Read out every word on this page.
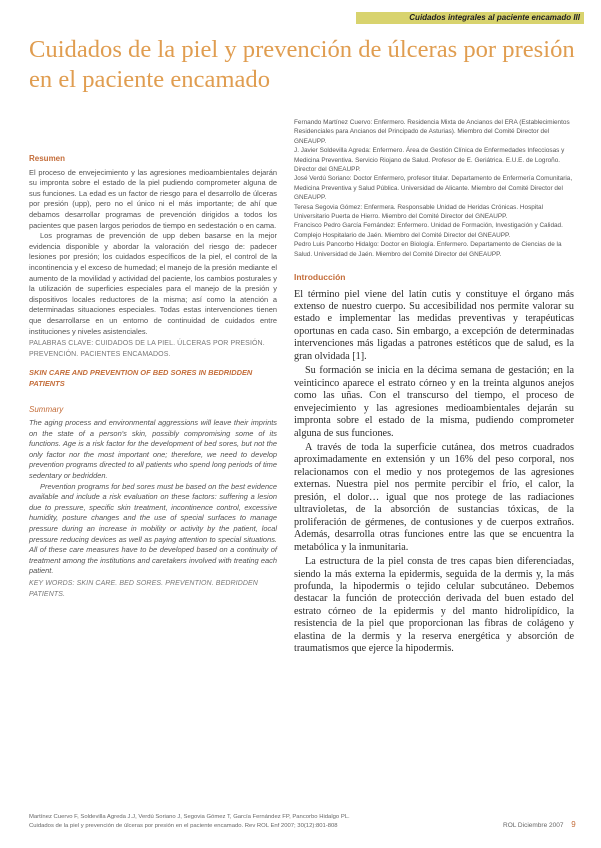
Cuidados integrales al paciente encamado III
Cuidados de la piel y prevención de úlceras por presión en el paciente encamado
Resumen

El proceso de envejecimiento y las agresiones medioambientales dejarán su impronta sobre el estado de la piel pudiendo comprometer alguna de sus funciones. La edad es un factor de riesgo para el desarrollo de úlceras por presión (upp), pero no el único ni el más importante; de ahí que debamos desarrollar programas de prevención dirigidos a todos los pacientes que pasen largos periodos de tiempo en sedestación o en cama.

Los programas de prevención de upp deben basarse en la mejor evidencia disponible y abordar la valoración del riesgo de: padecer lesiones por presión; los cuidados específicos de la piel, el control de la incontinencia y el exceso de humedad; el manejo de la presión mediante el aumento de la movilidad y actividad del paciente, los cambios posturales y la utilización de superficies especiales para el manejo de la presión y dispositivos locales reductores de la misma; así como la atención a determinadas situaciones especiales. Todas estas intervenciones tienen que desarrollarse en un entorno de continuidad de cuidados entre instituciones y niveles asistenciales.

PALABRAS CLAVE: CUIDADOS DE LA PIEL. ÚLCERAS POR PRESIÓN. PREVENCIÓN. PACIENTES ENCAMADOS.
SKIN CARE AND PREVENTION OF BED SORES IN BEDRIDDEN PATIENTS
Summary

The aging process and environmental aggressions will leave their imprints on the state of a person's skin, possibly compromising some of its functions. Age is a risk factor for the development of bed sores, but not the only factor nor the most important one; therefore, we need to develop prevention programs directed to all patients who spend long periods of time sedentary or bedridden.

Prevention programs for bed sores must be based on the best evidence available and include a risk evaluation on these factors: suffering a lesion due to pressure, specific skin treatment, incontinence control, excessive humidity, posture changes and the use of special surfaces to manage pressure during an increase in mobility or activity by the patient, local pressure reducing devices as well as paying attention to special situations. All of these care measures have to be developed based on a continuity of treatment among the institutions and caretakers involved with treating each patient.

KEY WORDS: SKIN CARE. BED SORES. PREVENTION. BEDRIDDEN PATIENTS.

Fernando Martínez Cuervo: Enfermero. Residencia Mixta de Ancianos del ERA (Establecimientos Residenciales para Ancianos del Principado de Asturias). Miembro del Comité Director del GNEAUPP.

J. Javier Soldevilla Agreda: Enfermero. Área de Gestión Clínica de Enfermedades Infecciosas y Medicina Preventiva. Servicio Riojano de Salud. Profesor de E. Geriátrica. E.U.E. de Logroño. Director del GNEAUPP.

José Verdú Soriano: Doctor Enfermero, profesor titular. Departamento de Enfermería Comunitaria, Medicina Preventiva y Salud Pública. Universidad de Alicante. Miembro del Comité Director del GNEAUPP.

Teresa Segovia Gómez: Enfermera. Responsable Unidad de Heridas Crónicas. Hospital Universitario Puerta de Hierro. Miembro del Comité Director del GNEAUPP.

Francisco Pedro García Fernández: Enfermero. Unidad de Formación, Investigación y Calidad. Complejo Hospitalario de Jaén. Miembro del Comité Director del GNEAUPP.

Pedro Luis Pancorbo Hidalgo: Doctor en Biología. Enfermero. Departamento de Ciencias de la Salud. Universidad de Jaén. Miembro del Comité Director del GNEAUPP.

Introducción

El término piel viene del latín cutis y constituye el órgano más extenso de nuestro cuerpo. Su accesibilidad nos permite valorar su estado e implementar las medidas preventivas y terapéuticas oportunas en cada caso. Sin embargo, a excepción de determinadas intervenciones más ligadas a patrones estéticos que de salud, es la gran olvidada [1].

Su formación se inicia en la décima semana de gestación; en la veinticinco aparece el estrato córneo y en la treinta algunos anejos como las uñas. Con el transcurso del tiempo, el proceso de envejecimiento y las agresiones medioambientales dejarán su impronta sobre el estado de la misma, pudiendo comprometer alguna de sus funciones.

A través de toda la superficie cutánea, dos metros cuadrados aproximadamente en extensión y un 16% del peso corporal, nos relacionamos con el medio y nos protegemos de las agresiones externas. Nuestra piel nos permite percibir el frío, el calor, la presión, el dolor… igual que nos protege de las radiaciones ultravioletas, de la absorción de sustancias tóxicas, de la proliferación de gérmenes, de contusiones y de cuerpos extraños. Además, desarrolla otras funciones entre las que se encuentra la metabólica y la inmunitaria.

La estructura de la piel consta de tres capas bien diferenciadas, siendo la más externa la epidermis, seguida de la dermis y, la más profunda, la hipodermis o tejido celular subcutáneo. Debemos destacar la función de protección derivada del buen estado del estrato córneo de la epidermis y del manto hidrolipídico, la resistencia de la piel que proporcionan las fibras de colágeno y elastina de la dermis y la reserva energética y absorción de traumatismos que ejerce la hipodermis.

Martínez Cuervo F, Soldevilla Agreda J.J, Verdú Soriano J, Segovia Gómez T, García Fernández FP, Pancorbo Hidalgo PL.
Cuidados de la piel y prevención de úlceras por presión en el paciente encamado. Rev ROL Enf 2007; 30(12):801-808	ROL Diciembre 2007 9
